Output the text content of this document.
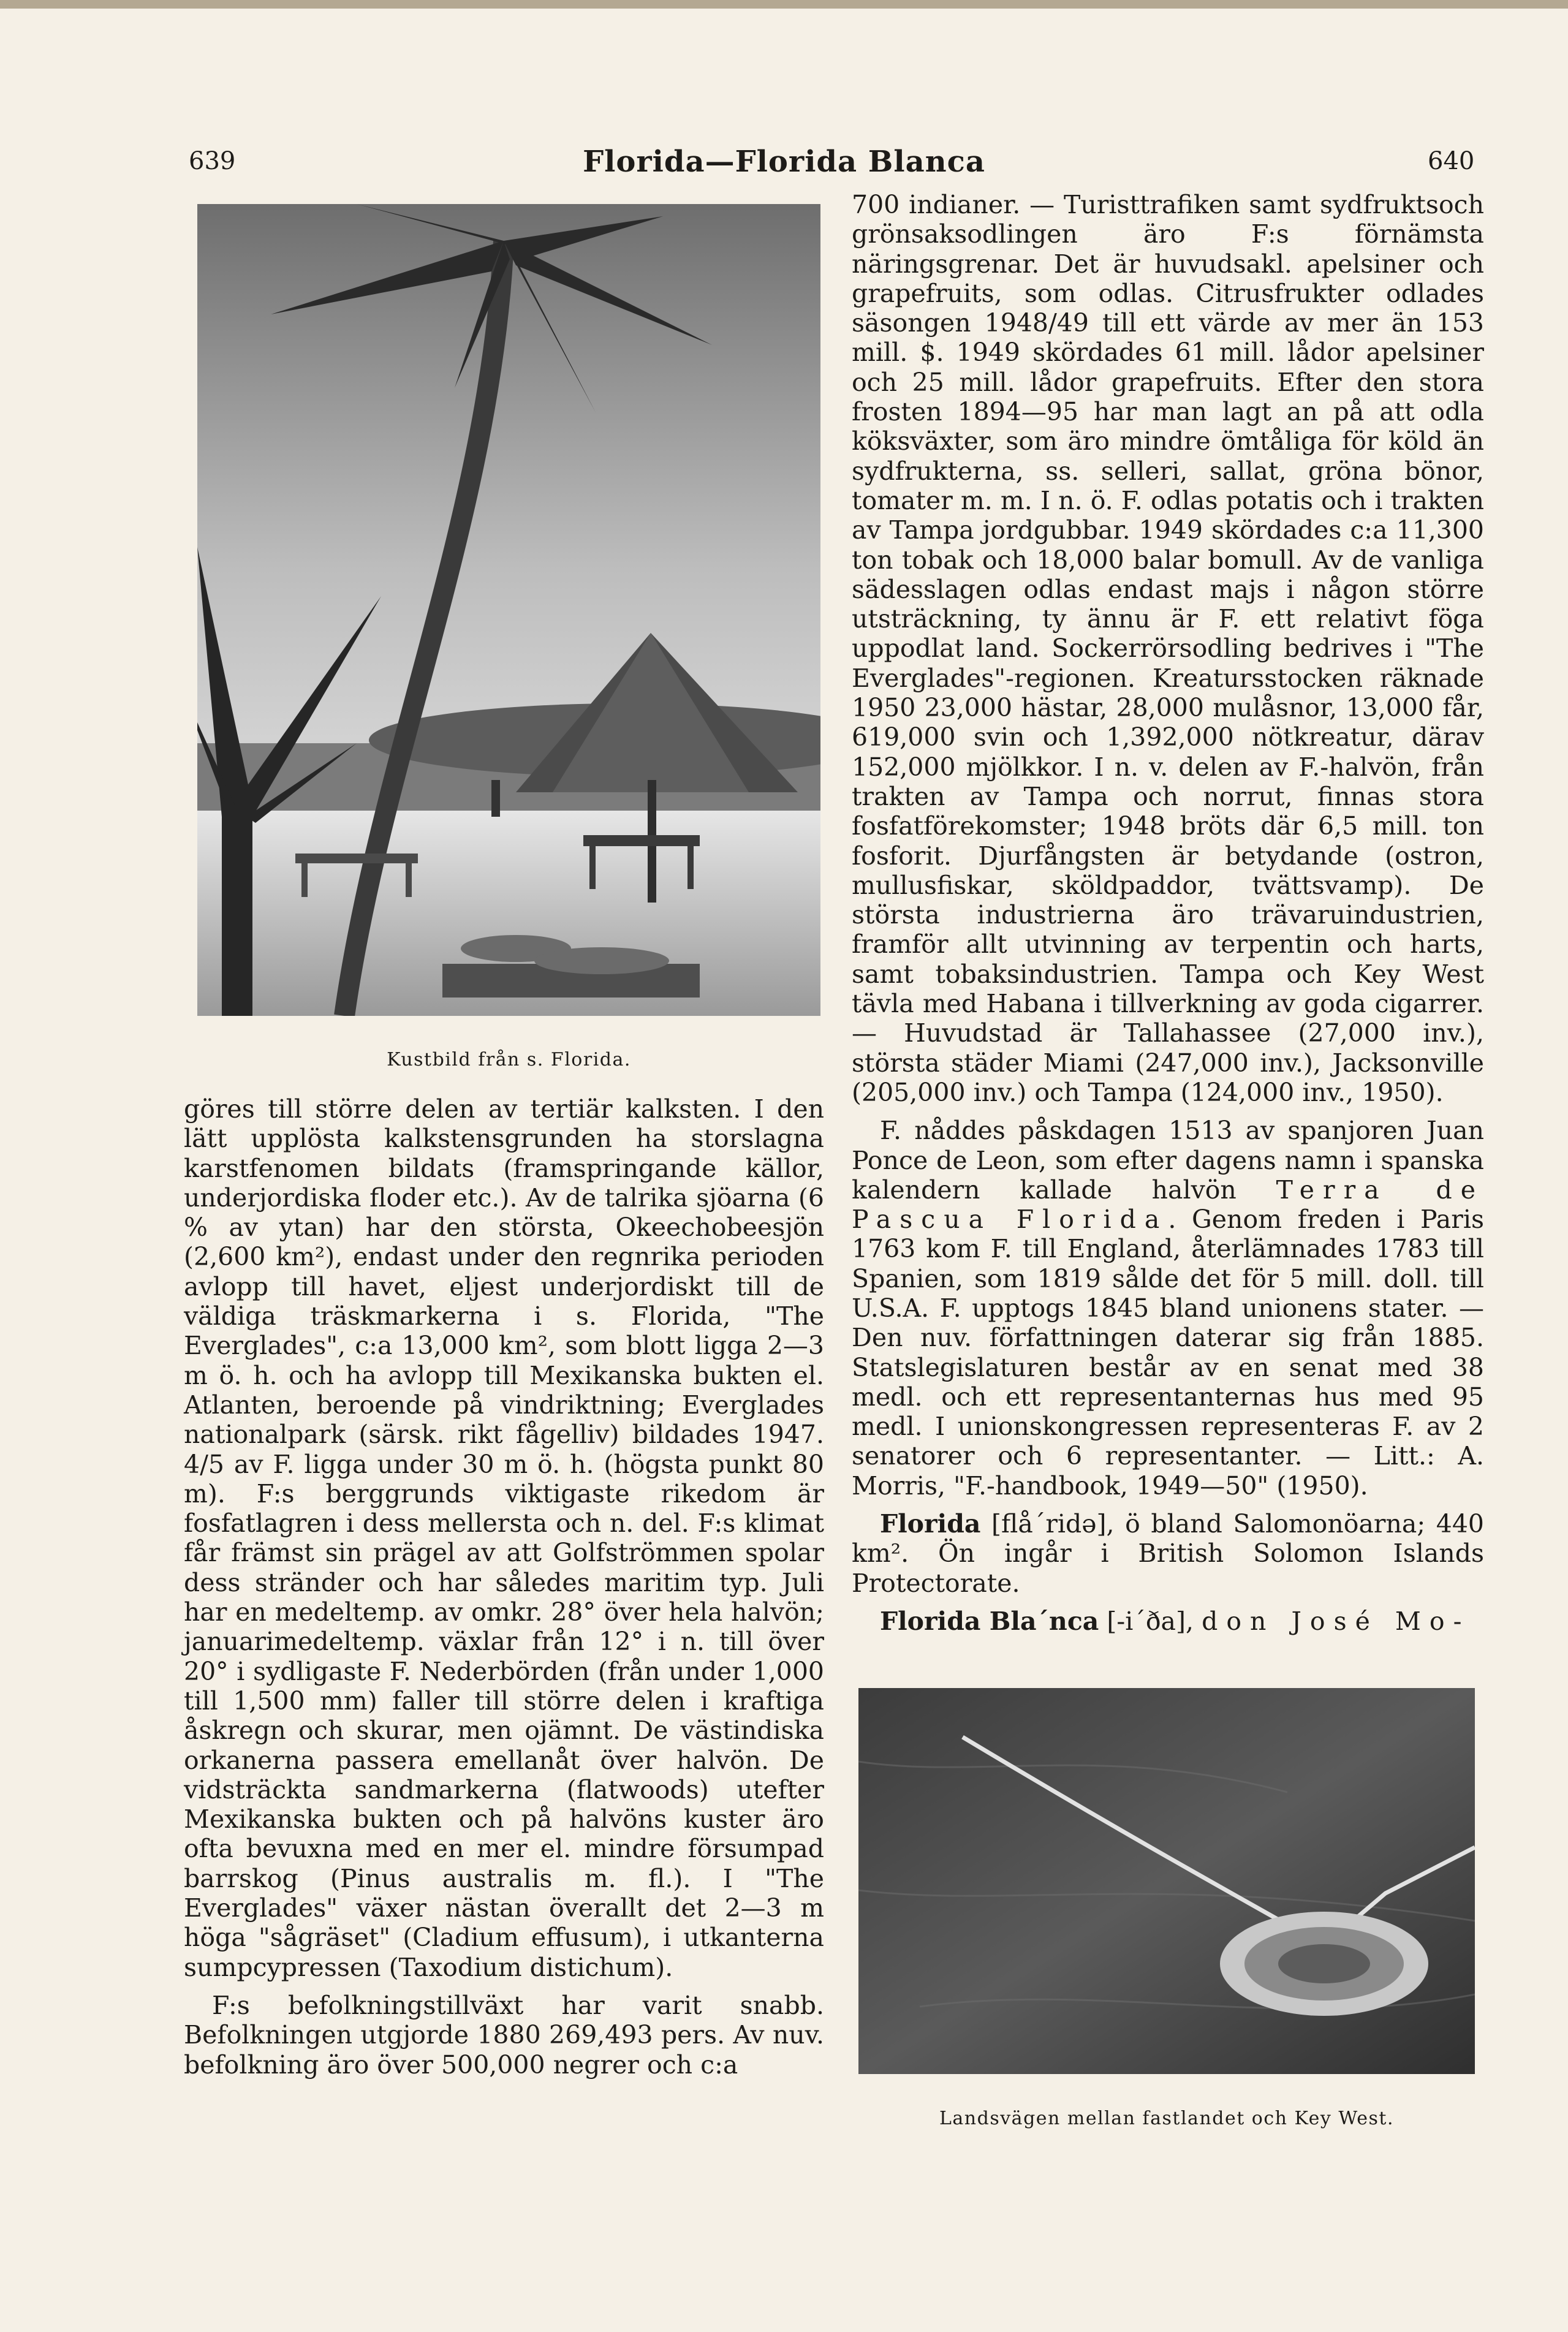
639	Florida—Florida Blanca	640
Kustbild från s. Florida.

göres till större delen av tertiär kalksten. I den lätt upplösta kalkstensgrunden ha storslagna karstfenomen bildats (framspringande källor, underjordiska floder etc.). Av de talrika sjöarna (6 % av ytan) har den största, Okeechobeesjön (2,600 km²), endast under den regnrika perioden avlopp till havet, eljest underjordiskt till de väldiga träskmarkerna i s. Florida, "The Everglades", c:a 13,000 km², som blott ligga 2—3 m ö. h. och ha avlopp till Mexikanska bukten el. Atlanten, beroende på vindriktning; Everglades nationalpark (särsk. rikt fågelliv) bildades 1947. 4/5 av F. ligga under 30 m ö. h. (högsta punkt 80 m). F:s berggrunds viktigaste rikedom är fosfatlagren i dess mellersta och n. del. F:s klimat får främst sin prägel av att Golfströmmen spolar dess stränder och har således maritim typ. Juli har en medeltemp. av omkr. 28° över hela halvön; januarimedeltemp. växlar från 12° i n. till över 20° i sydligaste F. Nederbörden (från under 1,000 till 1,500 mm) faller till större delen i kraftiga åskregn och skurar, men ojämnt. De västindiska orkanerna passera emellanåt över halvön. De vidsträckta sandmarkerna (flatwoods) utefter Mexikanska bukten och på halvöns kuster äro ofta bevuxna med en mer el. mindre försumpad barrskog (Pinus australis m. fl.). I "The Everglades" växer nästan överallt det 2—3 m höga "sågräset" (Cladium effusum), i utkanterna sumpcypressen (Taxodium distichum).

F:s befolkningstillväxt har varit snabb. Befolkningen utgjorde 1880 269,493 pers. Av nuv. befolkning äro över 500,000 negrer och c:a

700 indianer. — Turisttrafiken samt sydfruktsoch grönsaksodlingen äro F:s förnämsta näringsgrenar. Det är huvudsakl. apelsiner och grapefruits, som odlas. Citrusfrukter odlades säsongen 1948/49 till ett värde av mer än 153 mill. $. 1949 skördades 61 mill. lådor apelsiner och 25 mill. lådor grapefruits. Efter den stora frosten 1894—95 har man lagt an på att odla köksväxter, som äro mindre ömtåliga för köld än sydfrukterna, ss. selleri, sallat, gröna bönor, tomater m. m. I n. ö. F. odlas potatis och i trakten av Tampa jordgubbar. 1949 skördades c:a 11,300 ton tobak och 18,000 balar bomull. Av de vanliga sädesslagen odlas endast majs i någon större utsträckning, ty ännu är F. ett relativt föga uppodlat land. Sockerrörsodling bedrives i "The Everglades"-regionen. Kreatursstocken räknade 1950 23,000 hästar, 28,000 mulåsnor, 13,000 får, 619,000 svin och 1,392,000 nötkreatur, därav 152,000 mjölkkor. I n. v. delen av F.-halvön, från trakten av Tampa och norrut, finnas stora fosfatförekomster; 1948 bröts där 6,5 mill. ton fosforit. Djurfångsten är betydande (ostron, mullusfiskar, sköldpaddor, tvättsvamp). De största industrierna äro trävaruindustrien, framför allt utvinning av terpentin och harts, samt tobaksindustrien. Tampa och Key West tävla med Habana i tillverkning av goda cigarrer. — Huvudstad är Tallahassee (27,000 inv.), största städer Miami (247,000 inv.), Jacksonville (205,000 inv.) och Tampa (124,000 inv., 1950).

F. nåddes påskdagen 1513 av spanjoren Juan Ponce de Leon, som efter dagens namn i spanska kalendern kallade halvön Terra de Pascua Florida. Genom freden i Paris 1763 kom F. till England, återlämnades 1783 till Spanien, som 1819 sålde det för 5 mill. doll. till U.S.A. F. upptogs 1845 bland unionens stater. — Den nuv. författningen daterar sig från 1885. Statslegislaturen består av en senat med 38 medl. och ett representanternas hus med 95 medl. I unionskongressen representeras F. av 2 senatorer och 6 representanter. — Litt.: A. Morris, "F.-handbook, 1949—50" (1950).

Florida [flå´ridə], ö bland Salomonöarna; 440 km². Ön ingår i British Solomon Islands Protectorate.

Florida Bla´nca [-i´ða], don José Mo-

Landsvägen mellan fastlandet och Key West.
